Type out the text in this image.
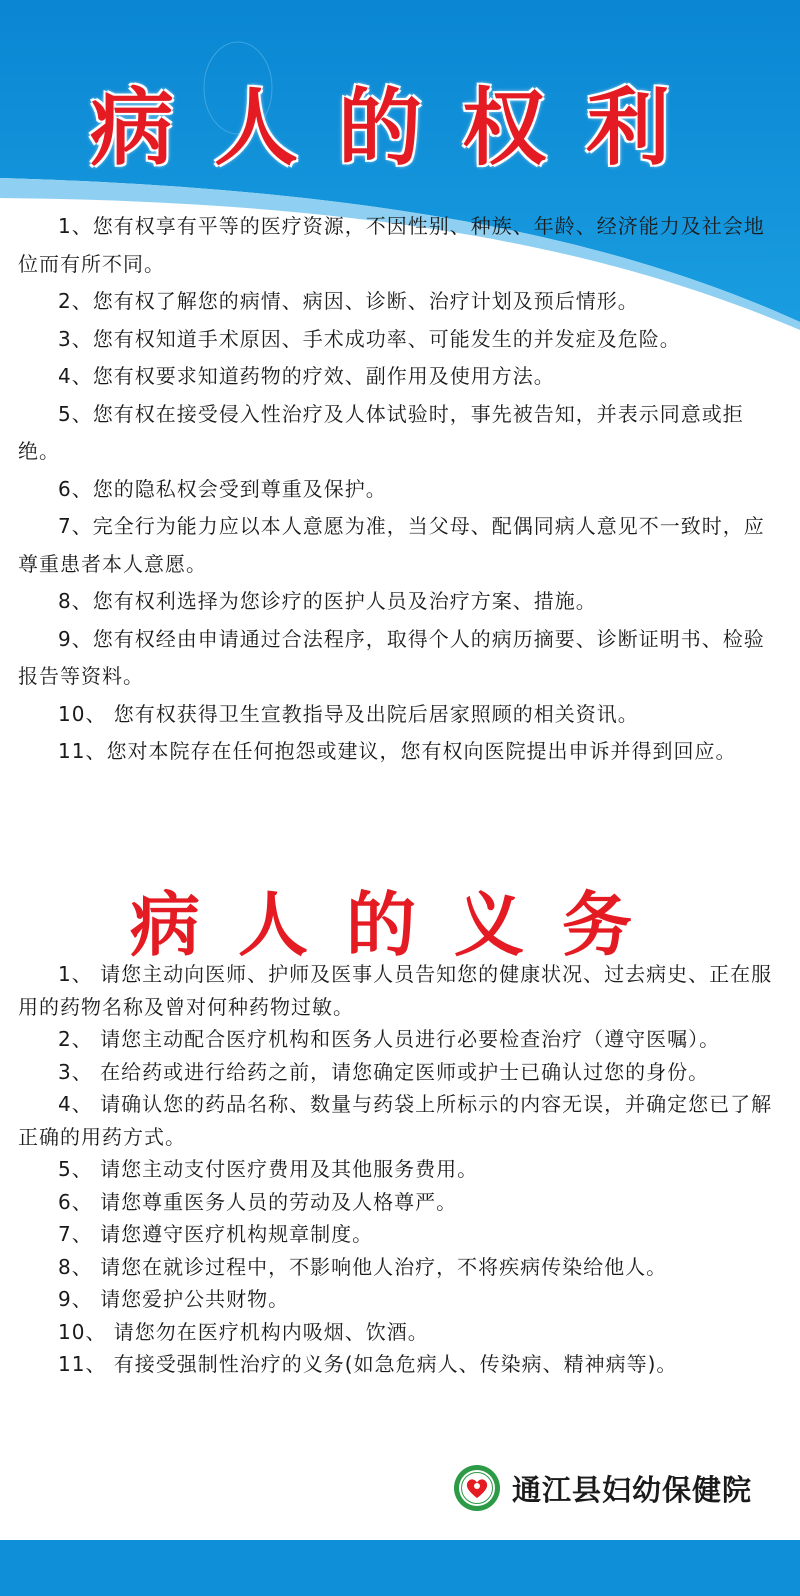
病人的权利

1、您有权享有平等的医疗资源，不因性别、种族、年龄、经济能力及社会地位而有所不同。

2、您有权了解您的病情、病因、诊断、治疗计划及预后情形。

3、您有权知道手术原因、手术成功率、可能发生的并发症及危险。

4、您有权要求知道药物的疗效、副作用及使用方法。

5、您有权在接受侵入性治疗及人体试验时，事先被告知，并表示同意或拒绝。

6、您的隐私权会受到尊重及保护。

7、完全行为能力应以本人意愿为准，当父母、配偶同病人意见不一致时，应尊重患者本人意愿。

8、您有权利选择为您诊疗的医护人员及治疗方案、措施。

9、您有权经由申请通过合法程序，取得个人的病历摘要、诊断证明书、检验报告等资料。

10、 您有权获得卫生宣教指导及出院后居家照顾的相关资讯。

11、您对本院存在任何抱怨或建议，您有权向医院提出申诉并得到回应。

病人的义务

1、 请您主动向医师、护师及医事人员告知您的健康状况、过去病史、正在服用的药物名称及曾对何种药物过敏。

2、 请您主动配合医疗机构和医务人员进行必要检查治疗（遵守医嘱）。

3、 在给药或进行给药之前，请您确定医师或护士已确认过您的身份。

4、 请确认您的药品名称、数量与药袋上所标示的内容无误，并确定您已了解正确的用药方式。

5、 请您主动支付医疗费用及其他服务费用。

6、 请您尊重医务人员的劳动及人格尊严。

7、 请您遵守医疗机构规章制度。

8、 请您在就诊过程中，不影响他人治疗，不将疾病传染给他人。

9、 请您爱护公共财物。

10、 请您勿在医疗机构内吸烟、饮酒。

11、 有接受强制性治疗的义务(如急危病人、传染病、精神病等)。

通江县妇幼保健院
